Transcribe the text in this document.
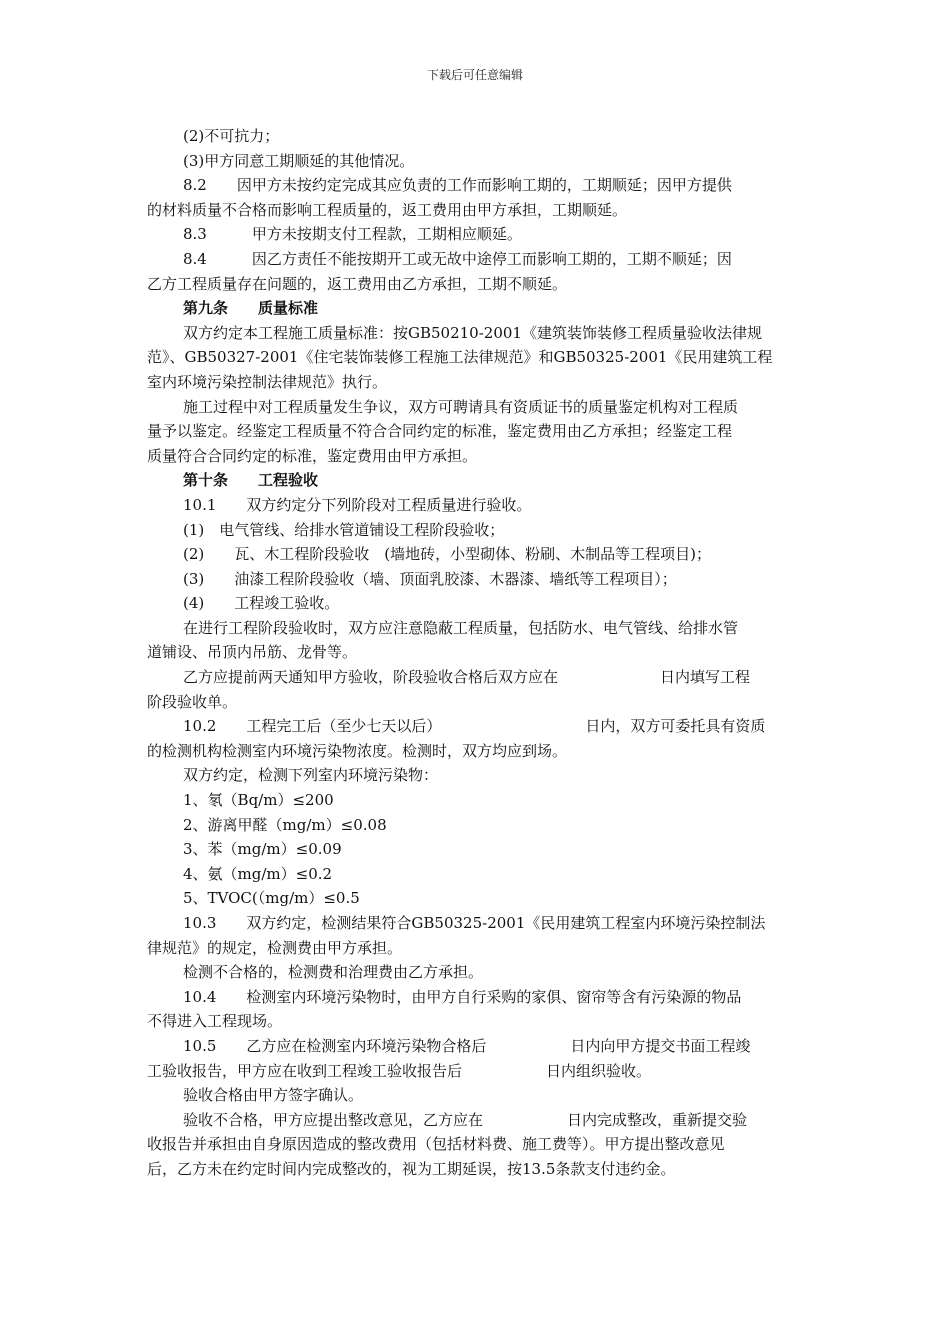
下载后可任意编辑
(2)不可抗力；
(3)甲方同意工期顺延的其他情况。
8.2　　因甲方未按约定完成其应负责的工作而影响工期的，工期顺延；因甲方提供
的材料质量不合格而影响工程质量的，返工费用由甲方承担，工期顺延。
8.3　　　甲方未按期支付工程款，工期相应顺延。
8.4　　　因乙方责任不能按期开工或无故中途停工而影响工期的，工期不顺延；因
乙方工程质量存在问题的，返工费用由乙方承担，工期不顺延。
第九条　　质量标准
双方约定本工程施工质量标准：按GB50210-2001《建筑装饰装修工程质量验收法律规
范》、GB50327-2001《住宅装饰装修工程施工法律规范》和GB50325-2001《民用建筑工程
室内环境污染控制法律规范》执行。
施工过程中对工程质量发生争议，双方可聘请具有资质证书的质量鉴定机构对工程质
量予以鉴定。经鉴定工程质量不符合合同约定的标准，鉴定费用由乙方承担；经鉴定工程
质量符合合同约定的标准，鉴定费用由甲方承担。
第十条　　工程验收
10.1　　双方约定分下列阶段对工程质量进行验收。
(1)　电气管线、给排水管道铺设工程阶段验收；
(2)　　瓦、木工程阶段验收　(墙地砖，小型砌体、粉刷、木制品等工程项目)；
(3)　　油漆工程阶段验收（墙、顶面乳胶漆、木器漆、墙纸等工程项目）；
(4)　　工程竣工验收。
在进行工程阶段验收时，双方应注意隐蔽工程质量，包括防水、电气管线、给排水管
道铺设、吊顶内吊筋、龙骨等。
乙方应提前两天通知甲方验收，阶段验收合格后双方应在	日内填写工程
阶段验收单。
10.2　　工程完工后（至少七天以后）	日内，双方可委托具有资质
的检测机构检测室内环境污染物浓度。检测时，双方均应到场。
双方约定，检测下列室内环境污染物：
1、氡（Bq/m）≤200
2、游离甲醛（mg/m）≤0.08
3、苯（mg/m）≤0.09
4、氨（mg/m）≤0.2
5、TVOC(（mg/m）≤0.5
10.3　　双方约定，检测结果符合GB50325-2001《民用建筑工程室内环境污染控制法
律规范》的规定，检测费由甲方承担。
检测不合格的，检测费和治理费由乙方承担。
10.4　　检测室内环境污染物时，由甲方自行采购的家俱、窗帘等含有污染源的物品
不得进入工程现场。
10.5　　乙方应在检测室内环境污染物合格后	日内向甲方提交书面工程竣
工验收报告，甲方应在收到工程竣工验收报告后	日内组织验收。
验收合格由甲方签字确认。
验收不合格，甲方应提出整改意见，乙方应在	日内完成整改，重新提交验
收报告并承担由自身原因造成的整改费用（包括材料费、施工费等）。甲方提出整改意见
后，乙方未在约定时间内完成整改的，视为工期延误，按13.5条款支付违约金。
